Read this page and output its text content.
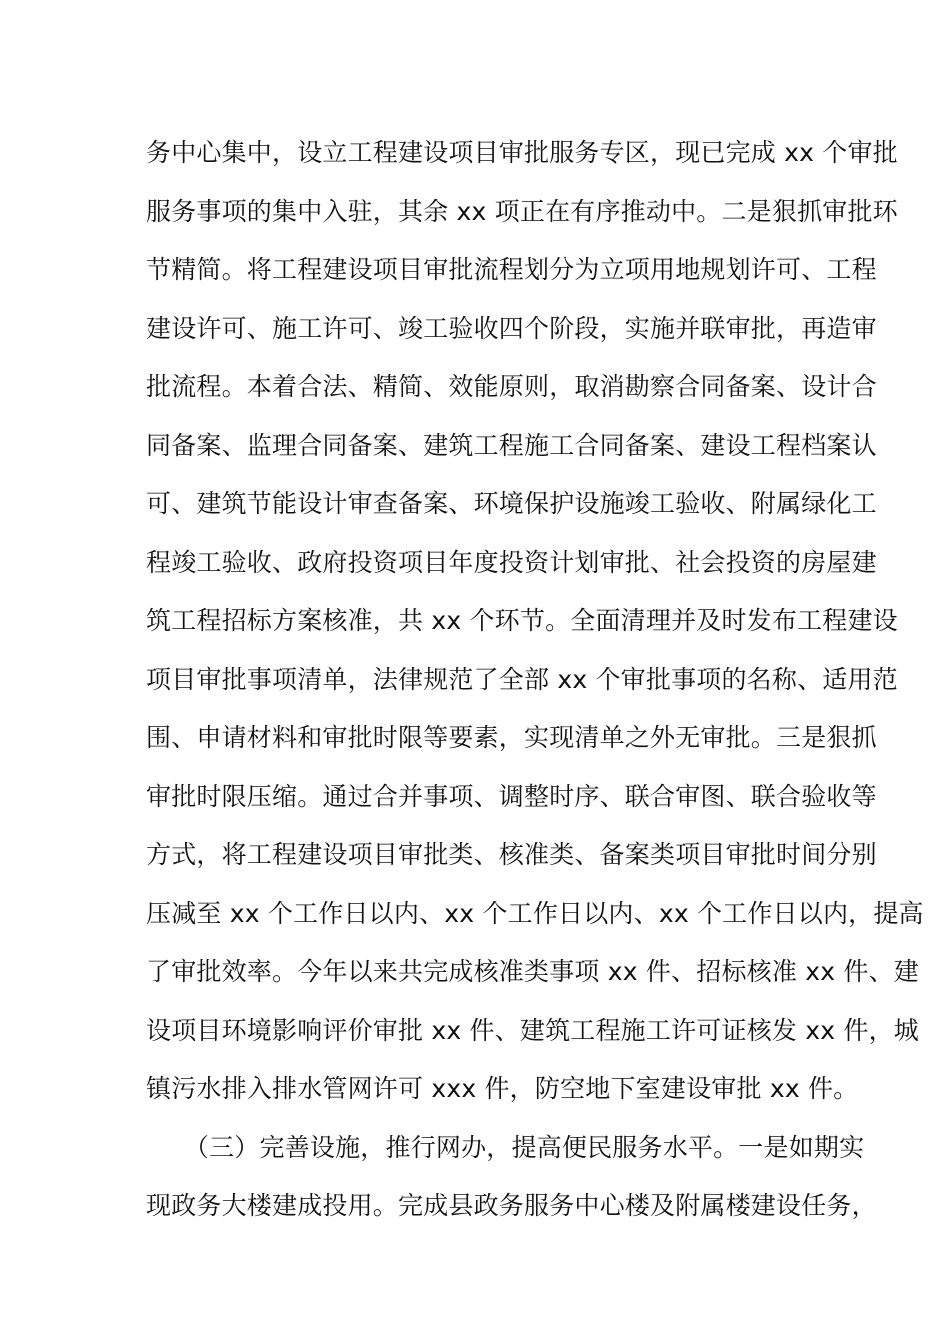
务中心集中，设立工程建设项目审批服务专区，现已完成 xx 个审批
服务事项的集中入驻，其余 xx 项正在有序推动中。二是狠抓审批环
节精简。将工程建设项目审批流程划分为立项用地规划许可、工程
建设许可、施工许可、竣工验收四个阶段，实施并联审批，再造审
批流程。本着合法、精简、效能原则，取消勘察合同备案、设计合
同备案、监理合同备案、建筑工程施工合同备案、建设工程档案认
可、建筑节能设计审查备案、环境保护设施竣工验收、附属绿化工
程竣工验收、政府投资项目年度投资计划审批、社会投资的房屋建
筑工程招标方案核准，共 xx 个环节。全面清理并及时发布工程建设
项目审批事项清单，法律规范了全部 xx 个审批事项的名称、适用范
围、申请材料和审批时限等要素，实现清单之外无审批。三是狠抓
审批时限压缩。通过合并事项、调整时序、联合审图、联合验收等
方式，将工程建设项目审批类、核准类、备案类项目审批时间分别
压减至 xx 个工作日以内、xx 个工作日以内、xx 个工作日以内，提高
了审批效率。今年以来共完成核准类事项 xx 件、招标核准 xx 件、建
设项目环境影响评价审批 xx 件、建筑工程施工许可证核发 xx 件，城
镇污水排入排水管网许可 xxx 件，防空地下室建设审批 xx 件。
　　（三）完善设施，推行网办，提高便民服务水平。一是如期实
现政务大楼建成投用。完成县政务服务中心楼及附属楼建设任务，
